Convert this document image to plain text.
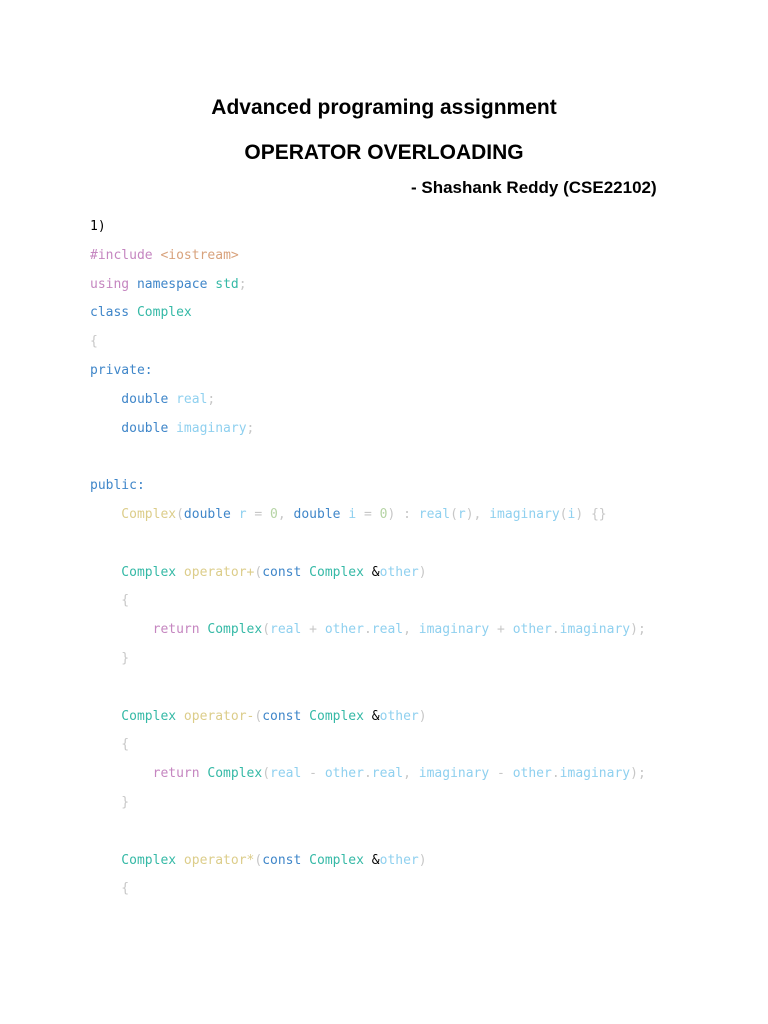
Advanced programing assignment
OPERATOR OVERLOADING
- Shashank Reddy (CSE22102)
1)
#include <iostream>
using namespace std;
class Complex
{
private:
double real;
double imaginary;

public:
Complex(double r = 0, double i = 0) : real(r), imaginary(i) {}

Complex operator+(const Complex &other)
{
return Complex(real + other.real, imaginary + other.imaginary);
}

Complex operator-(const Complex &other)
{
return Complex(real - other.real, imaginary - other.imaginary);
}

Complex operator*(const Complex &other)
{
